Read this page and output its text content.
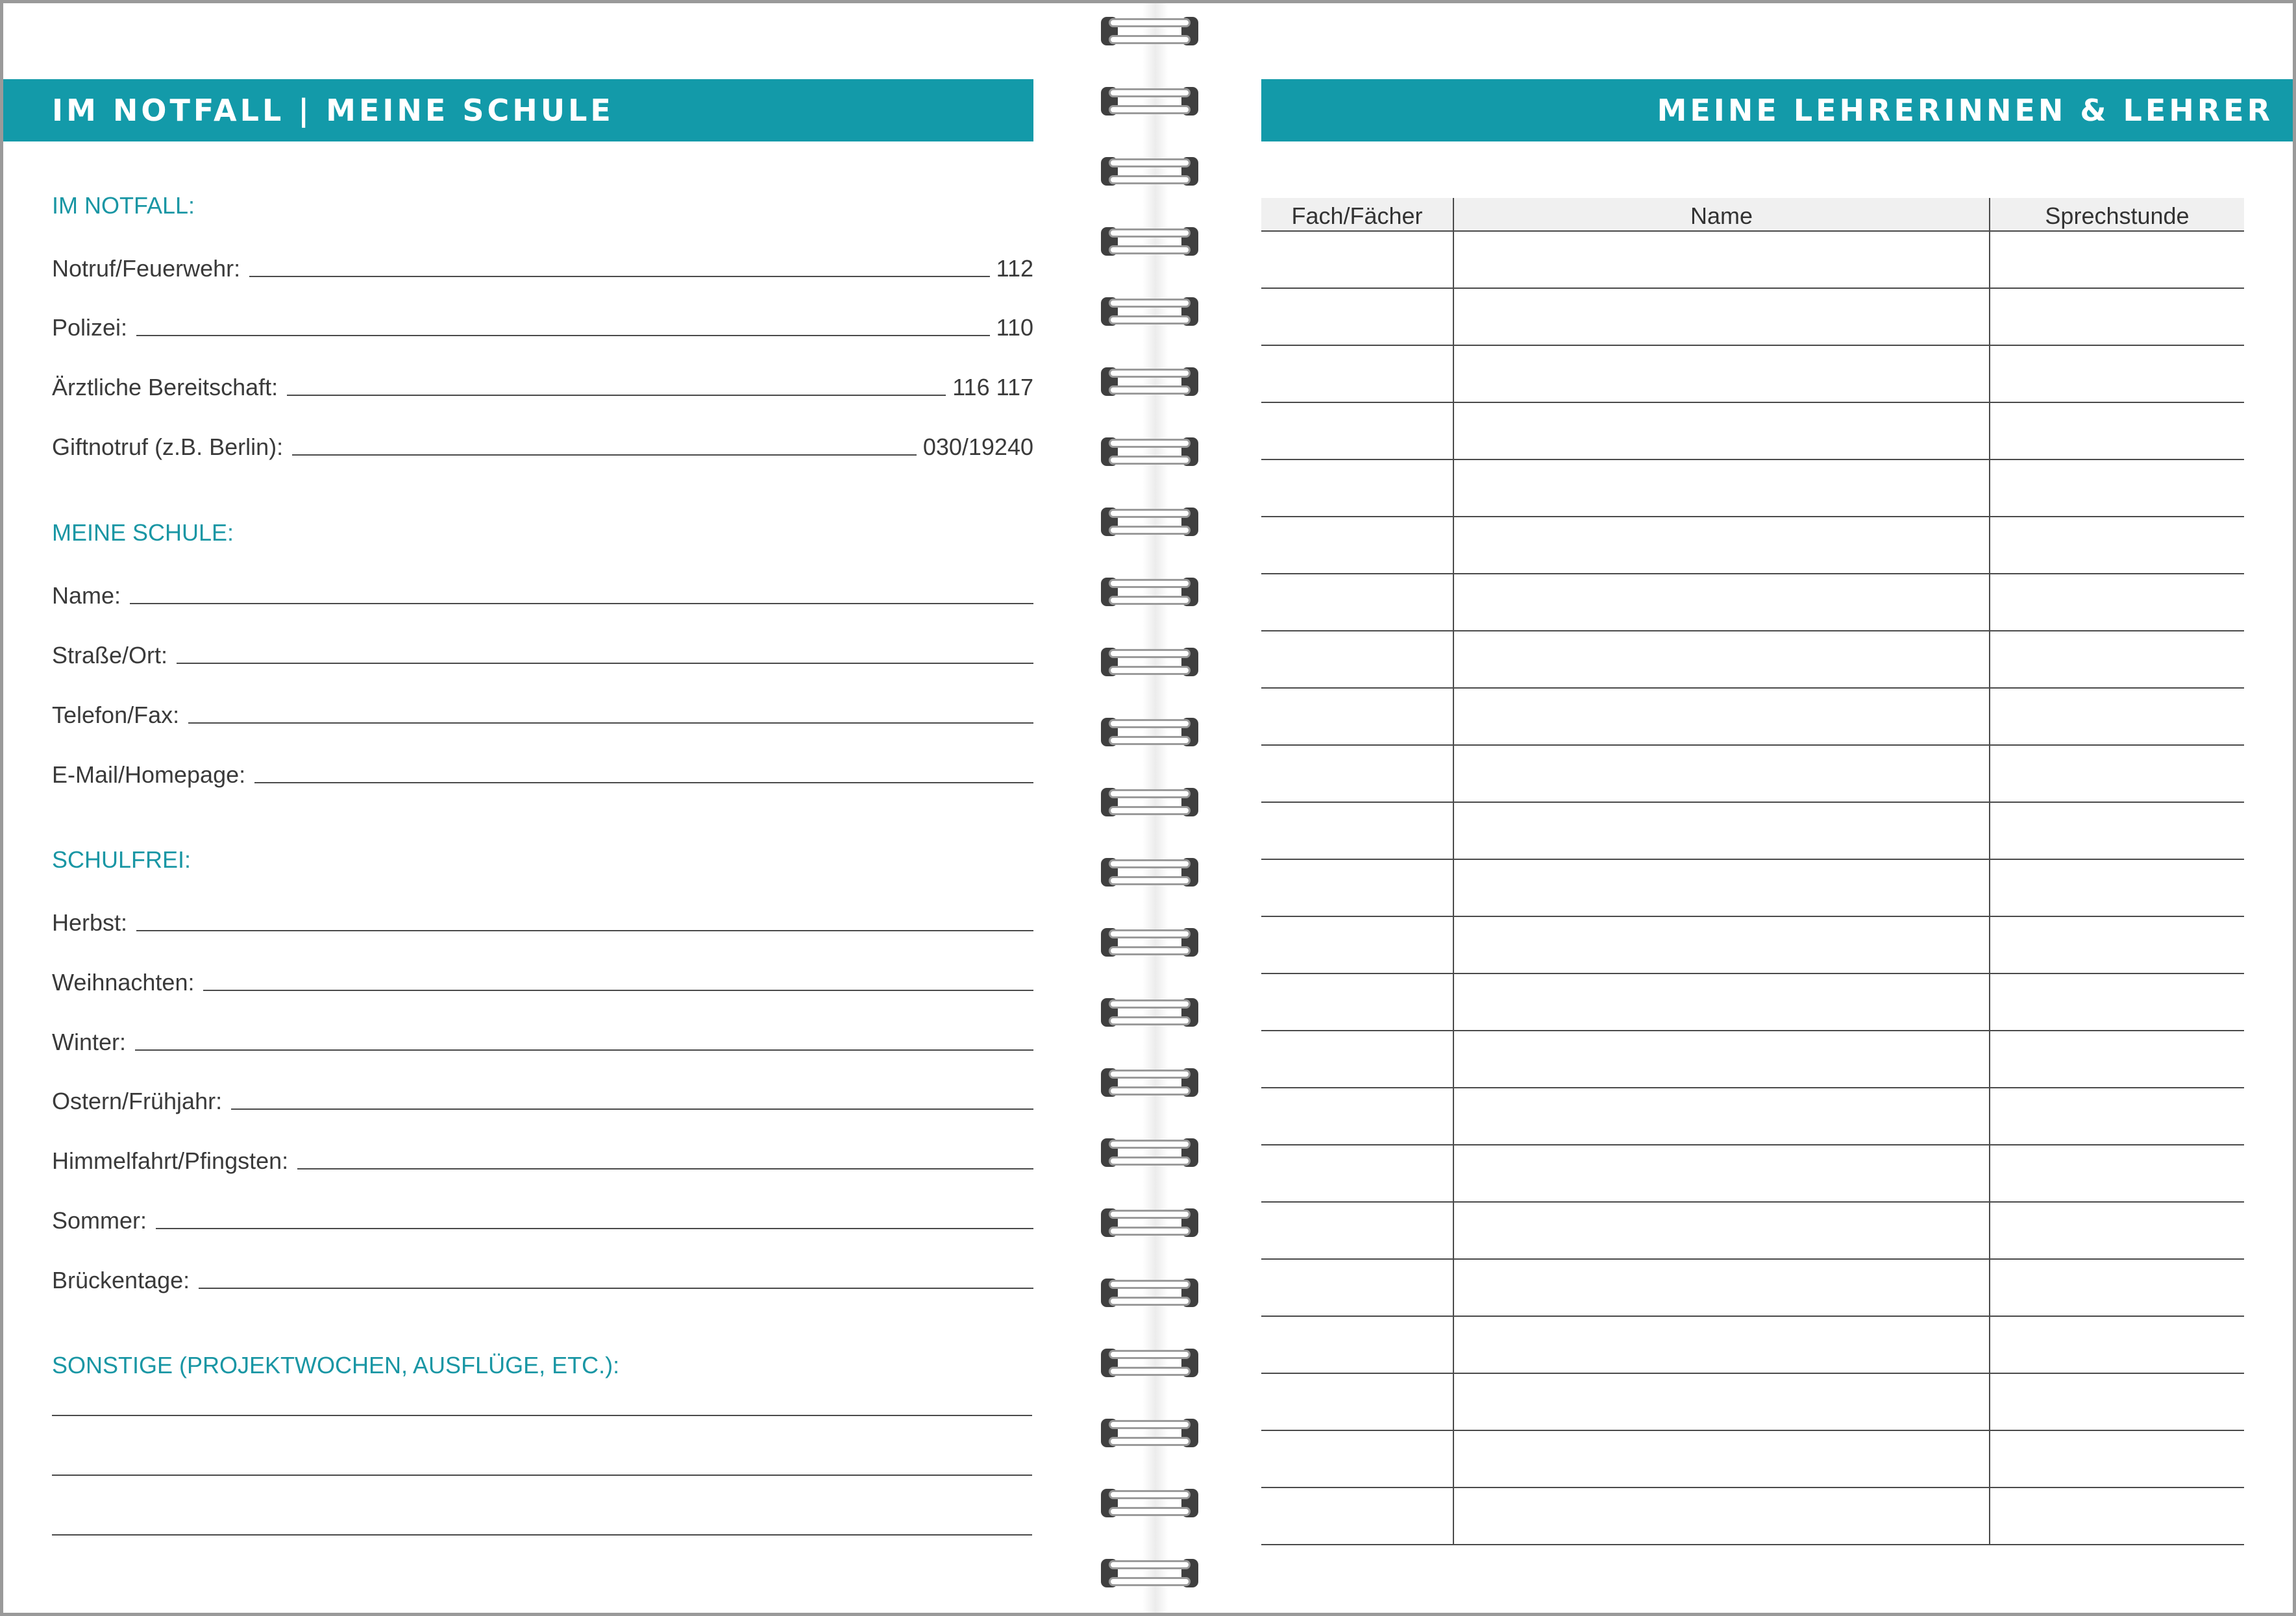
IM NOTFALL | MEINE SCHULE
IM NOTFALL:
Notruf/Feuerwehr:	112
Polizei:	110
Ärztliche Bereitschaft:	116 117
Giftnotruf (z.B. Berlin):	030/19240
MEINE SCHULE:
Name:
Straße/Ort:
Telefon/Fax:
E-Mail/Homepage:
SCHULFREI:
Herbst:
Weihnachten:
Winter:
Ostern/Frühjahr:
Himmelfahrt/Pfingsten:
Sommer:
Brückentage:
SONSTIGE (PROJEKTWOCHEN, AUSFLÜGE, ETC.):
MEINE LEHRERINNEN & LEHRER
Fach/Fächer	Name	Sprechstunde
